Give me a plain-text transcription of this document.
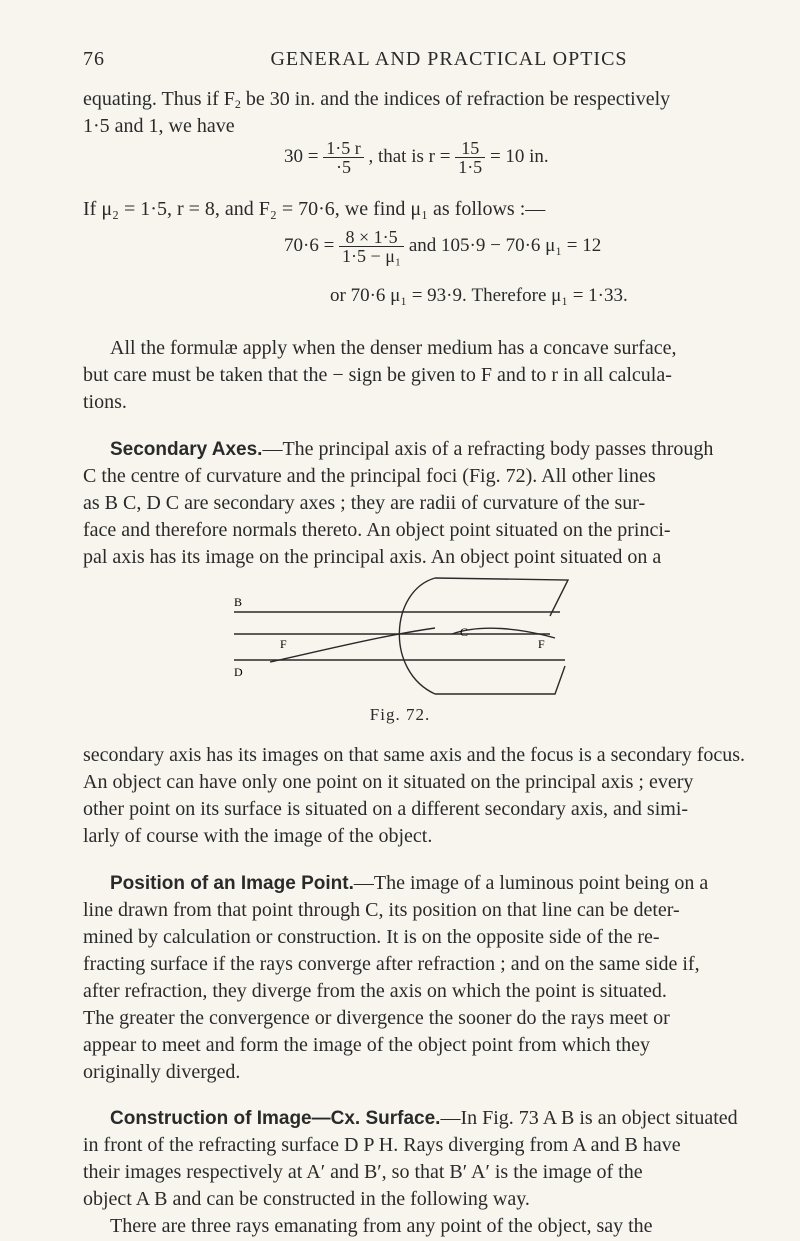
76	GENERAL AND PRACTICAL OPTICS
equating. Thus if $F_2$ be 30 in. and the indices of refraction be respectively
1·5 and 1, we have
$30 = \frac{1\cdot 5 r}{\cdot 5}$ , that is $r = \frac{15}{1\cdot 5} = 10$ in.
If μ₂ = 1·5, r = 8, and F₂ = 70·6, we find μ₁ as follows :—
$70\cdot 6 = \frac{8 \times 1\cdot 5}{\text{1·5 − μ₁}}$ and 105·9 − 70·6 μ₁ = 12
or 70·6 μ₁ = 93·9. Therefore μ₁ = 1·33.
All the formulæ apply when the denser medium has a concave surface,
but care must be taken that the − sign be given to F and to r in all calcula-
tions.
Secondary Axes.—The principal axis of a refracting body passes through
C the centre of curvature and the principal foci (Fig. 72). All other lines
as B C, D C are secondary axes ; they are radii of curvature of the sur-
face and therefore normals thereto. An object point situated on the princi-
pal axis has its image on the principal axis. An object point situated on a
B
F
C
F
D
Fig. 72.
secondary axis has its images on that same axis and the focus is a secondary focus.
An object can have only one point on it situated on the principal axis ; every
other point on its surface is situated on a different secondary axis, and simi-
larly of course with the image of the object.
Position of an Image Point.—The image of a luminous point being on a
line drawn from that point through C, its position on that line can be deter-
mined by calculation or construction. It is on the opposite side of the re-
fracting surface if the rays converge after refraction ; and on the same side if,
after refraction, they diverge from the axis on which the point is situated.
The greater the convergence or divergence the sooner do the rays meet or
appear to meet and form the image of the object point from which they
originally diverged.
Construction of Image—Cx. Surface.—In Fig. 73 A B is an object situated
in front of the refracting surface D P H. Rays diverging from A and B have
their images respectively at A′ and B′, so that B′ A′ is the image of the
object A B and can be constructed in the following way.
There are three rays emanating from any point of the object, say the
